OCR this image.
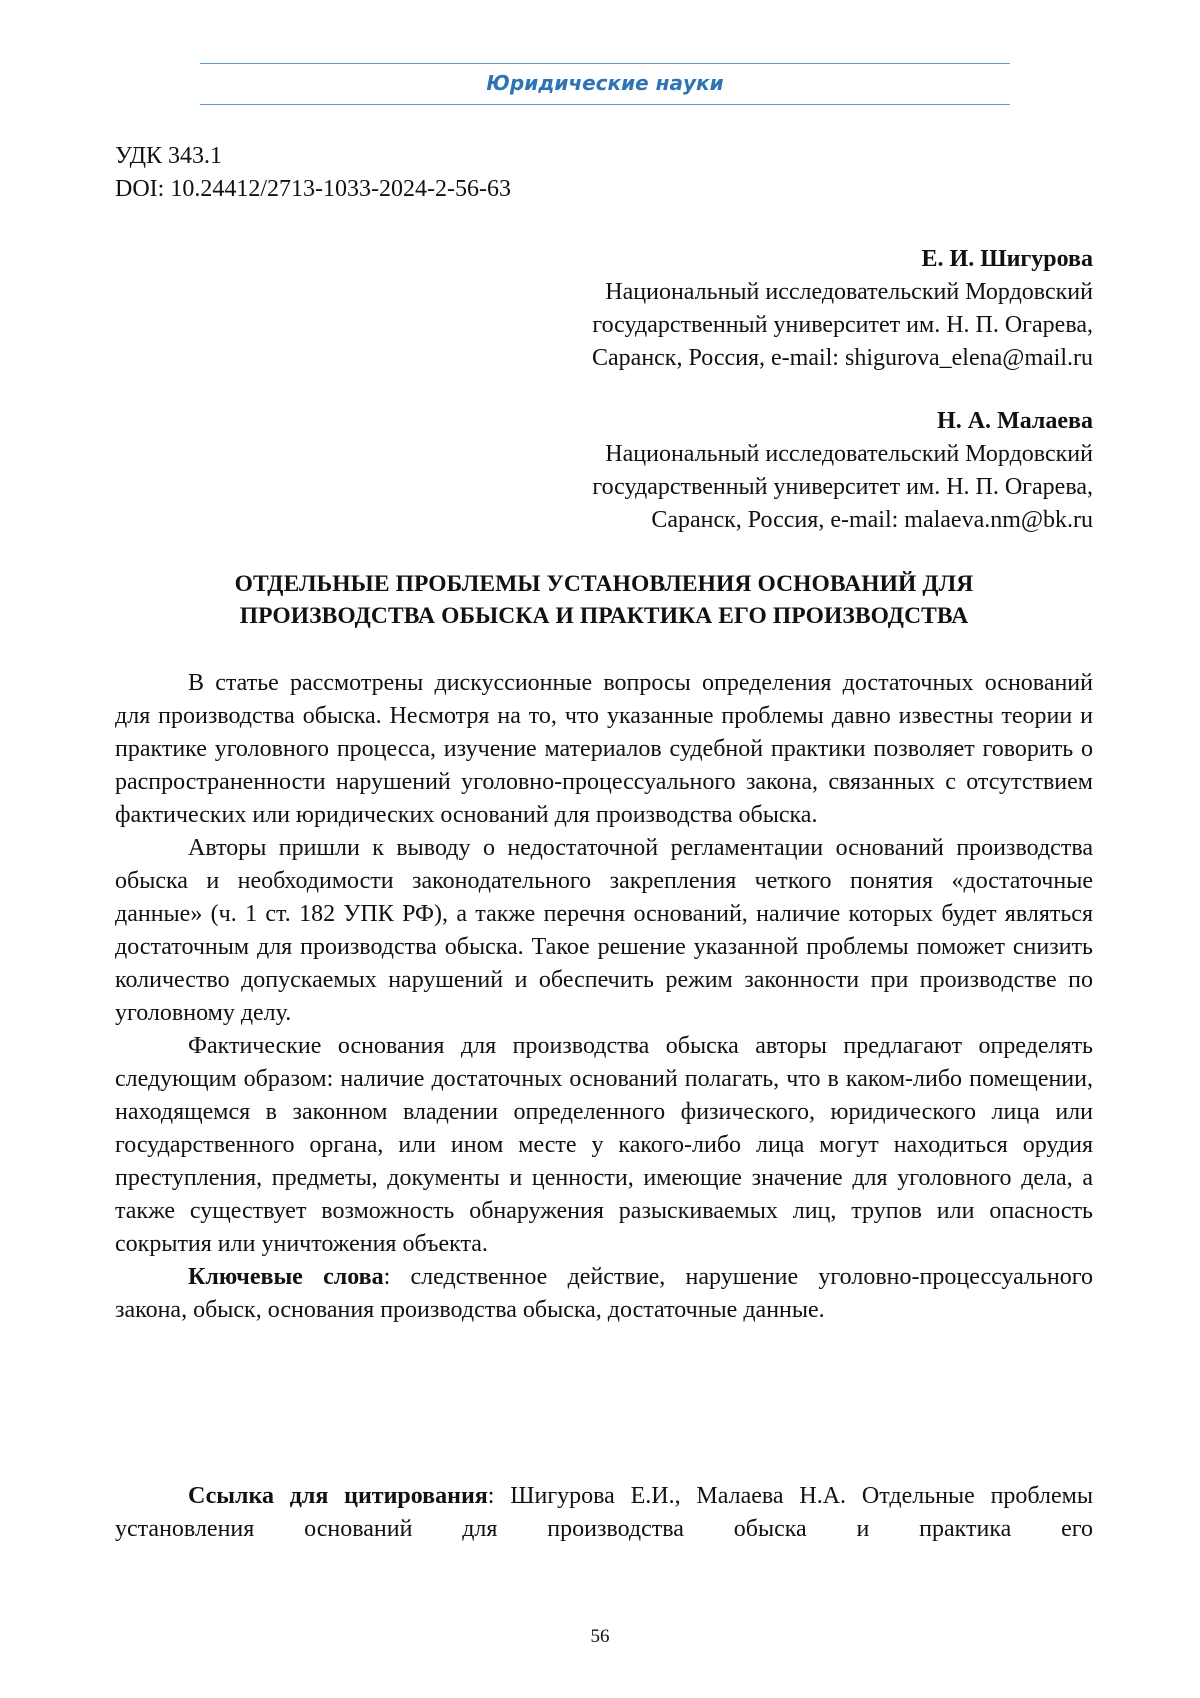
Юридические науки
УДК 343.1
DOI: 10.24412/2713-1033-2024-2-56-63
Е. И. Шигурова
Национальный исследовательский Мордовский
государственный университет им. Н. П. Огарева,
Саранск, Россия, e-mail: shigurova_elena@mail.ru
Н. А. Малаева
Национальный исследовательский Мордовский
государственный университет им. Н. П. Огарева,
Саранск, Россия, e-mail: malaeva.nm@bk.ru
ОТДЕЛЬНЫЕ ПРОБЛЕМЫ УСТАНОВЛЕНИЯ ОСНОВАНИЙ ДЛЯ
ПРОИЗВОДСТВА ОБЫСКА И ПРАКТИКА ЕГО ПРОИЗВОДСТВА

В статье рассмотрены дискуссионные вопросы определения достаточных оснований для производства обыска. Несмотря на то, что указанные проблемы давно известны теории и практике уголовного процесса, изучение материалов судебной практики позволяет говорить о распространенности нарушений уголовно-процессуального закона, связанных с отсутствием фактических или юридических оснований для производства обыска.

Авторы пришли к выводу о недостаточной регламентации оснований производства обыска и необходимости законодательного закрепления четкого понятия «достаточные данные» (ч. 1 ст. 182 УПК РФ), а также перечня оснований, наличие которых будет являться достаточным для производства обыска. Такое решение указанной проблемы поможет снизить количество допускаемых нарушений и обеспечить режим законности при производстве по уголовному делу.

Фактические основания для производства обыска авторы предлагают определять следующим образом: наличие достаточных оснований полагать, что в каком-либо помещении, находящемся в законном владении определенного физического, юридического лица или государственного органа, или ином месте у какого-либо лица могут находиться орудия преступления, предметы, документы и ценности, имеющие значение для уголовного дела, а также существует возможность обнаружения разыскиваемых лиц, трупов или опасность сокрытия или уничтожения объекта.

Ключевые слова: следственное действие, нарушение уголовно-процессуального закона, обыск, основания производства обыска, достаточные данные.

Ссылка для цитирования: Шигурова Е.И., Малаева Н.А. Отдельные проблемы установления оснований для производства обыска и практика его
56
